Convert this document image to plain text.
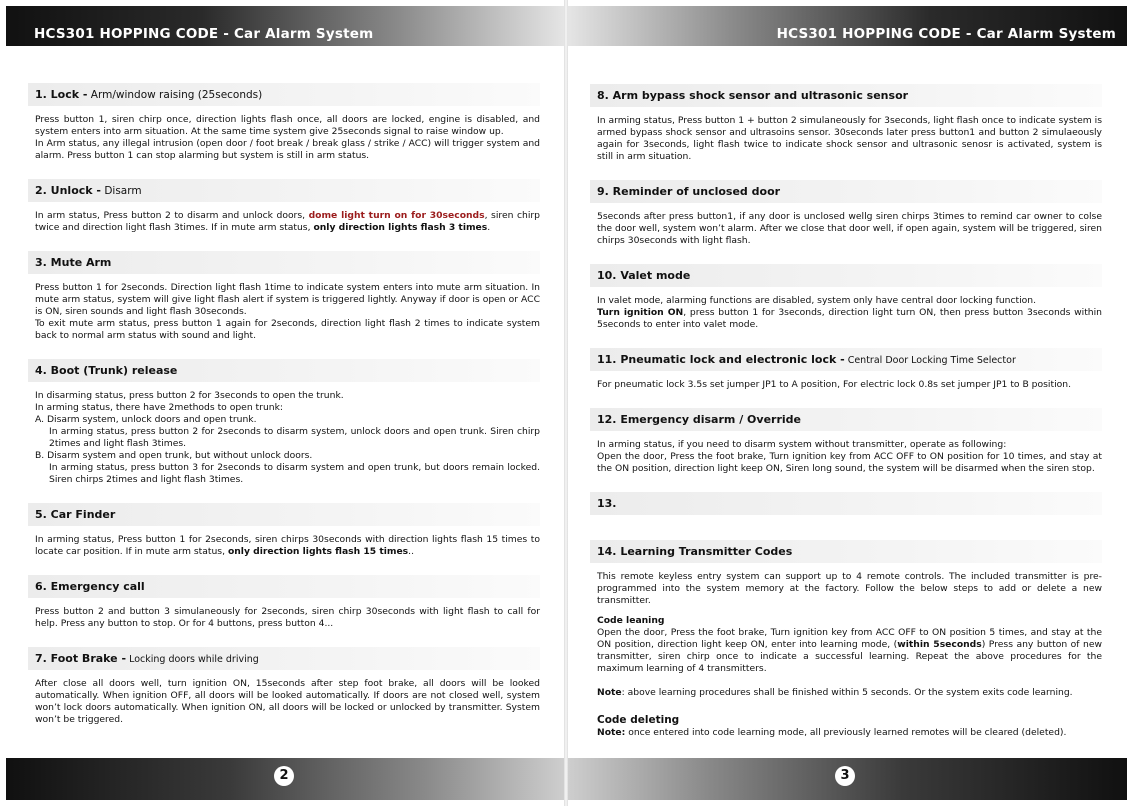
HCS301 HOPPING CODE - Car Alarm System
1. Lock - Arm/window raising (25seconds)

Press button 1, siren chirp once, direction lights flash once, all doors are locked, engine is disabled, and system enters into arm situation. At the same time system give 25seconds signal to raise window up.

In Arm status, any illegal intrusion (open door / foot break / break glass / strike / ACC) will trigger system and alarm. Press button 1 can stop alarming but system is still in arm status.

2. Unlock - Disarm

In arm status, Press button 2 to disarm and unlock doors, dome light turn on for 30seconds, siren chirp twice and direction light flash 3times. If in mute arm status, only direction lights flash 3 times.

3. Mute Arm

Press button 1 for 2seconds. Direction light flash 1time to indicate system enters into mute arm situation. In mute arm status, system will give light flash alert if system is triggered lightly. Anyway if door is open or ACC is ON, siren sounds and light flash 30seconds.

To exit mute arm status, press button 1 again for 2seconds, direction light flash 2 times to indicate system back to normal arm status with sound and light.

4. Boot (Trunk) release

In disarming status, press button 2 for 3seconds to open the trunk.

In arming status, there have 2methods to open trunk:

A. Disarm system, unlock doors and open trunk.

In arming status, press button 2 for 2seconds to disarm system, unlock doors and open trunk. Siren chirp 2times and light flash 3times.

B. Disarm system and open trunk, but without unlock doors.

In arming status, press button 3 for 2seconds to disarm system and open trunk, but doors remain locked. Siren chirps 2times and light flash 3times.

5. Car Finder

In arming status, Press button 1 for 2seconds, siren chirps 30seconds with direction lights flash 15 times to locate car position. If in mute arm status, only direction lights flash 15 times..

6. Emergency call

Press button 2 and button 3 simulaneously for 2seconds, siren chirp 30seconds with light flash to call for help. Press any button to stop. Or for 4 buttons, press button 4...

7. Foot Brake - Locking doors while driving

After close all doors well, turn ignition ON, 15seconds after step foot brake, all doors will be looked automatically. When ignition OFF, all doors will be looked automatically. If doors are not closed well, system won’t lock doors automatically. When ignition ON, all doors will be locked or unlocked by transmitter. System won’t be triggered.

2
HCS301 HOPPING CODE - Car Alarm System
8. Arm bypass shock sensor and ultrasonic sensor

In arming status, Press button 1 + button 2 simulaneously for 3seconds, light flash once to indicate system is armed bypass shock sensor and ultrasoins sensor. 30seconds later press button1 and button 2 simulaeously again for 3seconds, light flash twice to indicate shock sensor and ultrasonic senosr is activated, system is still in arm situation.

9. Reminder of unclosed door

5seconds after press button1, if any door is unclosed wellg siren chirps 3times to remind car owner to colse the door well, system won’t alarm. After we close that door well, if open again, system will be triggered, siren chirps 30seconds with light flash.

10. Valet mode

In valet mode, alarming functions are disabled, system only have central door locking function.

Turn ignition ON, press button 1 for 3seconds, direction light turn ON, then press button 3seconds within 5seconds to enter into valet mode.

11. Pneumatic lock and electronic lock - Central Door Locking Time Selector

For pneumatic lock 3.5s set jumper JP1 to A position, For electric lock 0.8s set jumper JP1 to B position.

12. Emergency disarm / Override

In arming status, if you need to disarm system without transmitter, operate as following:

Open the door, Press the foot brake, Turn ignition key from ACC OFF to ON position for 10 times, and stay at the ON position, direction light keep ON, Siren long sound, the system will be disarmed when the siren stop.

13.
14. Learning Transmitter Codes

This remote keyless entry system can support up to 4 remote controls. The included transmitter is pre-programmed into the system memory at the factory. Follow the below steps to add or delete a new transmitter.

Code leaning

Open the door, Press the foot brake, Turn ignition key from ACC OFF to ON position 5 times, and stay at the ON position, direction light keep ON, enter into learning mode, (within 5seconds) Press any button of new transmitter, siren chirp once to indicate a successful learning. Repeat the above procedures for the maximum learning of 4 transmitters.

Note: above learning procedures shall be finished within 5 seconds. Or the system exits code learning.

Code deleting

Note: once entered into code learning mode, all previously learned remotes will be cleared (deleted).

3
